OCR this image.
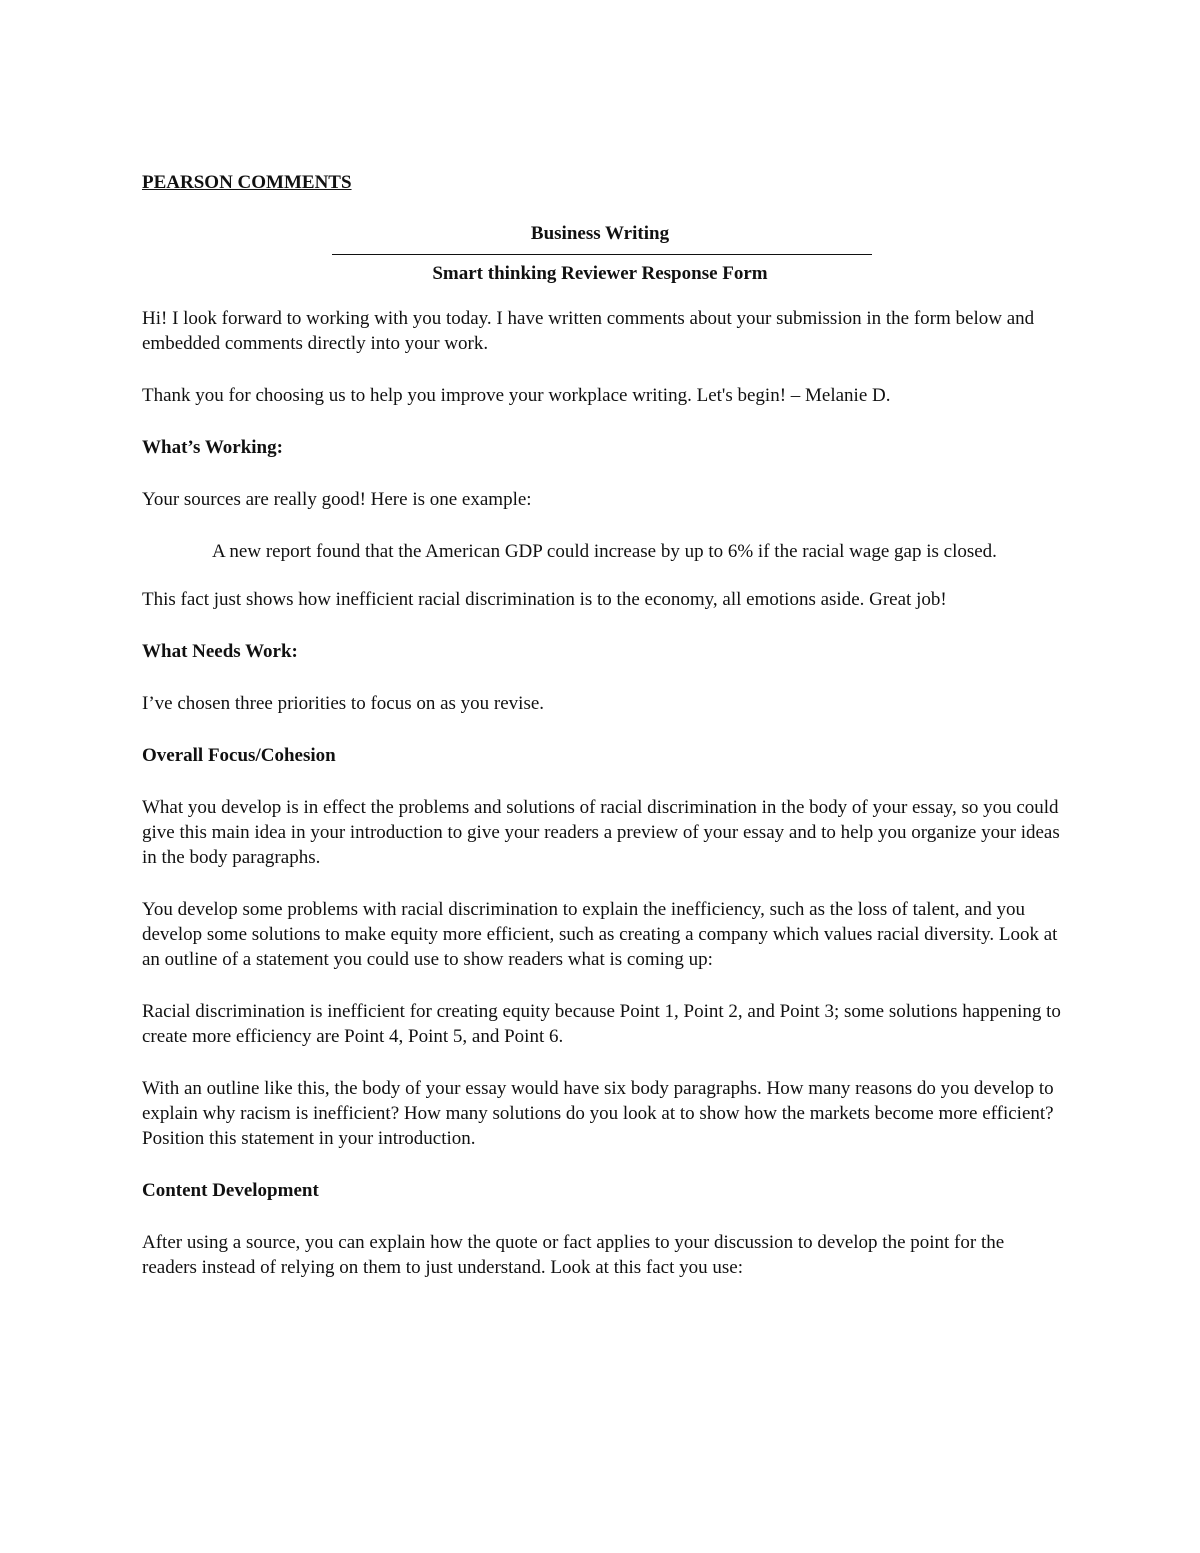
PEARSON COMMENTS
Business Writing
Smart thinking Reviewer Response Form

Hi! I look forward to working with you today. I have written comments about your submission in the form below and embedded comments directly into your work.

Thank you for choosing us to help you improve your workplace writing. Let's begin! – Melanie D.

What’s Working:

Your sources are really good! Here is one example:

A new report found that the American GDP could increase by up to 6% if the racial wage gap is closed.

This fact just shows how inefficient racial discrimination is to the economy, all emotions aside. Great job!

What Needs Work:

I’ve chosen three priorities to focus on as you revise.

Overall Focus/Cohesion

What you develop is in effect the problems and solutions of racial discrimination in the body of your essay, so you could give this main idea in your introduction to give your readers a preview of your essay and to help you organize your ideas in the body paragraphs.

You develop some problems with racial discrimination to explain the inefficiency, such as the loss of talent, and you develop some solutions to make equity more efficient, such as creating a company which values racial diversity. Look at an outline of a statement you could use to show readers what is coming up:

Racial discrimination is inefficient for creating equity because Point 1, Point 2, and Point 3; some solutions happening to create more efficiency are Point 4, Point 5, and Point 6.

With an outline like this, the body of your essay would have six body paragraphs. How many reasons do you develop to explain why racism is inefficient? How many solutions do you look at to show how the markets become more efficient? Position this statement in your introduction.

Content Development

After using a source, you can explain how the quote or fact applies to your discussion to develop the point for the readers instead of relying on them to just understand. Look at this fact you use:
